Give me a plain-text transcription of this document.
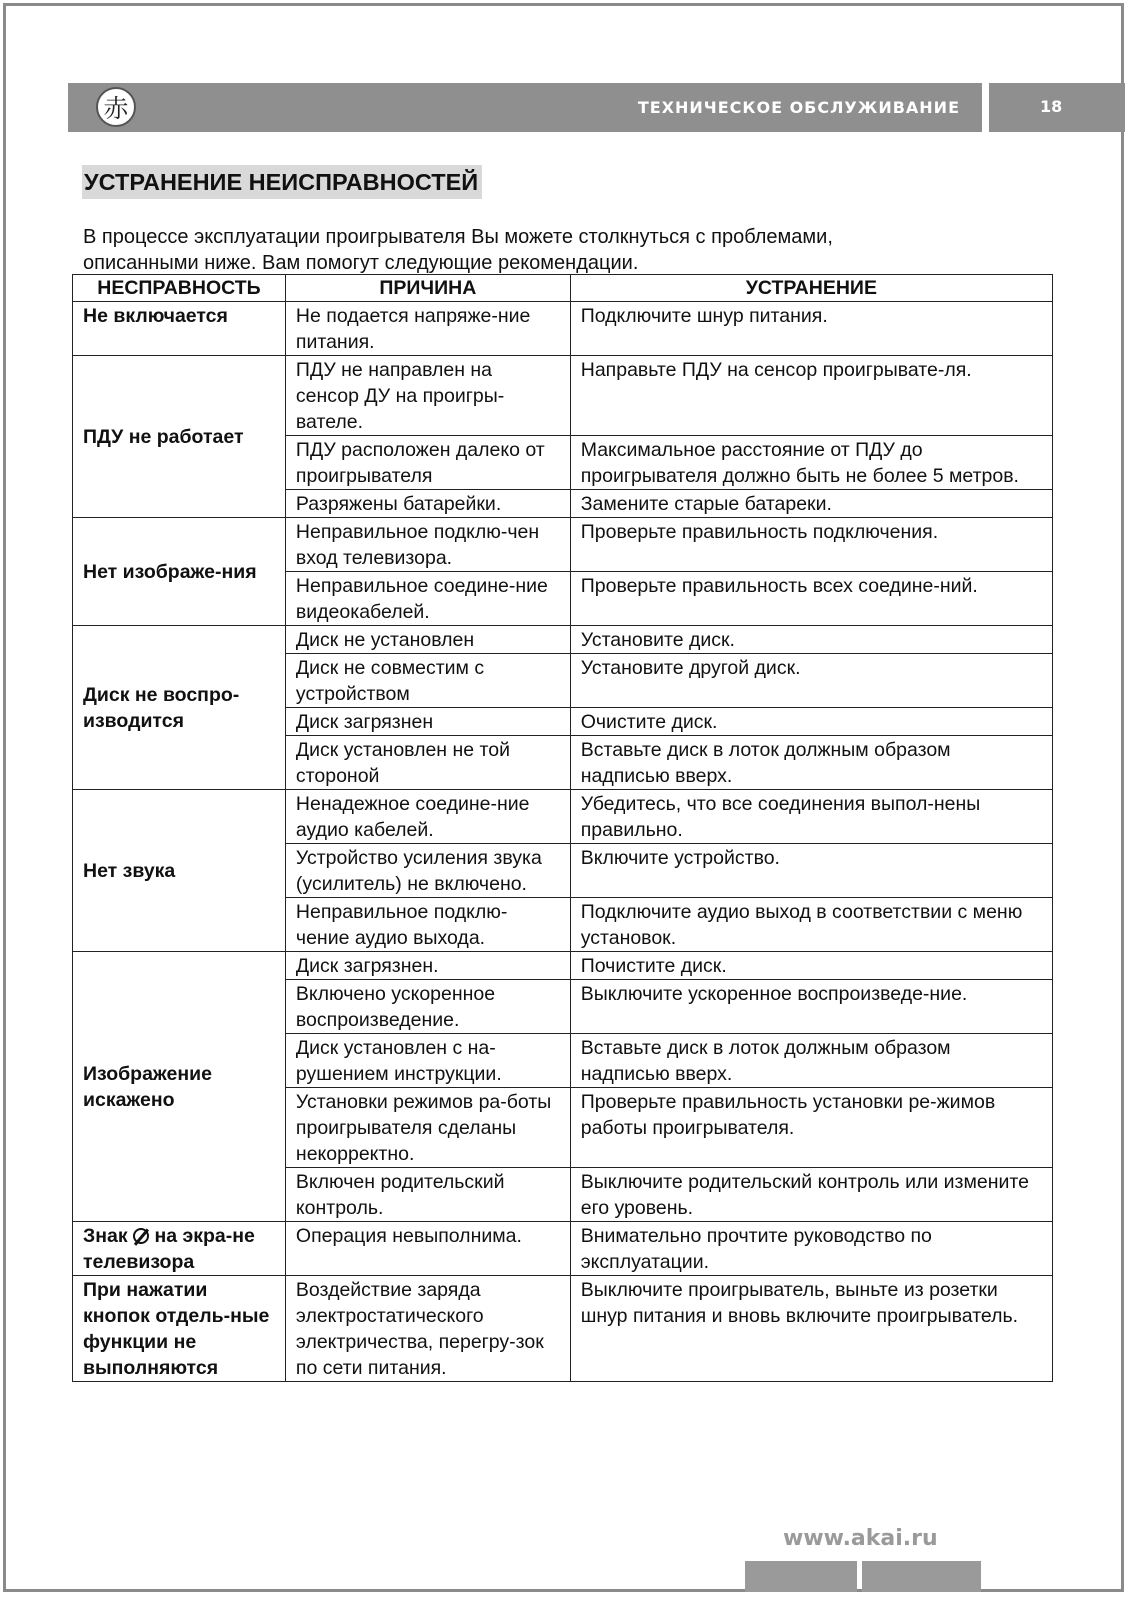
赤	ТЕХНИЧЕСКОЕ ОБСЛУЖИВАНИЕ	18
УСТРАНЕНИЕ НЕИСПРАВНОСТЕЙ
В процессе эксплуатации проигрывателя Вы можете столкнуться с проблемами,
описанными ниже. Вам помогут следующие рекомендации.
НЕСПРАВНОСТЬ	ПРИЧИНА	УСТРАНЕНИЕ
Не включается	Не подается напряже-ние питания.	Подключите шнур питания.
ПДУ не работает	ПДУ не направлен на сенсор ДУ на проигры-вателе.	Направьте ПДУ на сенсор проигрывате-ля.
	ПДУ расположен далеко от проигрывателя	Максимальное расстояние от ПДУ до проигрывателя должно быть не более 5 метров.
	Разряжены батарейки.	Замените старые батареки.
Нет изображе-ния	Неправильное подклю-чен вход телевизора.	Проверьте правильность подключения.
	Неправильное соедине-ние видеокабелей.	Проверьте правильность всех соедине-ний.
Диск не воспро-изводится	Диск не установлен	Установите диск.
	Диск не совместим с устройством	Установите другой диск.
	Диск загрязнен	Очистите диск.
	Диск установлен не той стороной	Вставьте диск в лоток должным образом надписью вверх.
Нет звука	Ненадежное соедине-ние аудио кабелей.	Убедитесь, что все соединения выпол-нены правильно.
	Устройство усиления звука (усилитель) не включено.	Включите устройство.
	Неправильное подклю-чение аудио выхода.	Подключите аудио выход в соответствии с меню установок.
Изображение искажено	Диск загрязнен.	Почистите диск.
	Включено ускоренное воспроизведение.	Выключите ускоренное воспроизведе-ние.
	Диск установлен с на-рушением инструкции.	Вставьте диск в лоток должным образом надписью вверх.
	Установки режимов ра-боты проигрывателя сделаны некорректно.	Проверьте правильность установки ре-жимов работы проигрывателя.
	Включен родительский контроль.	Выключите родительский контроль или измените его уровень.
Знак  на экра-не телевизора	Операция невыполнима.	Внимательно прочтите руководство по эксплуатации.
При нажатии кнопок отдель-ные функции не выполняются	Воздействие заряда электростатического электричества, перегру-зок по сети питания.	Выключите проигрыватель, выньте из розетки шнур питания и вновь включите проигрыватель.
www.akai.ru
